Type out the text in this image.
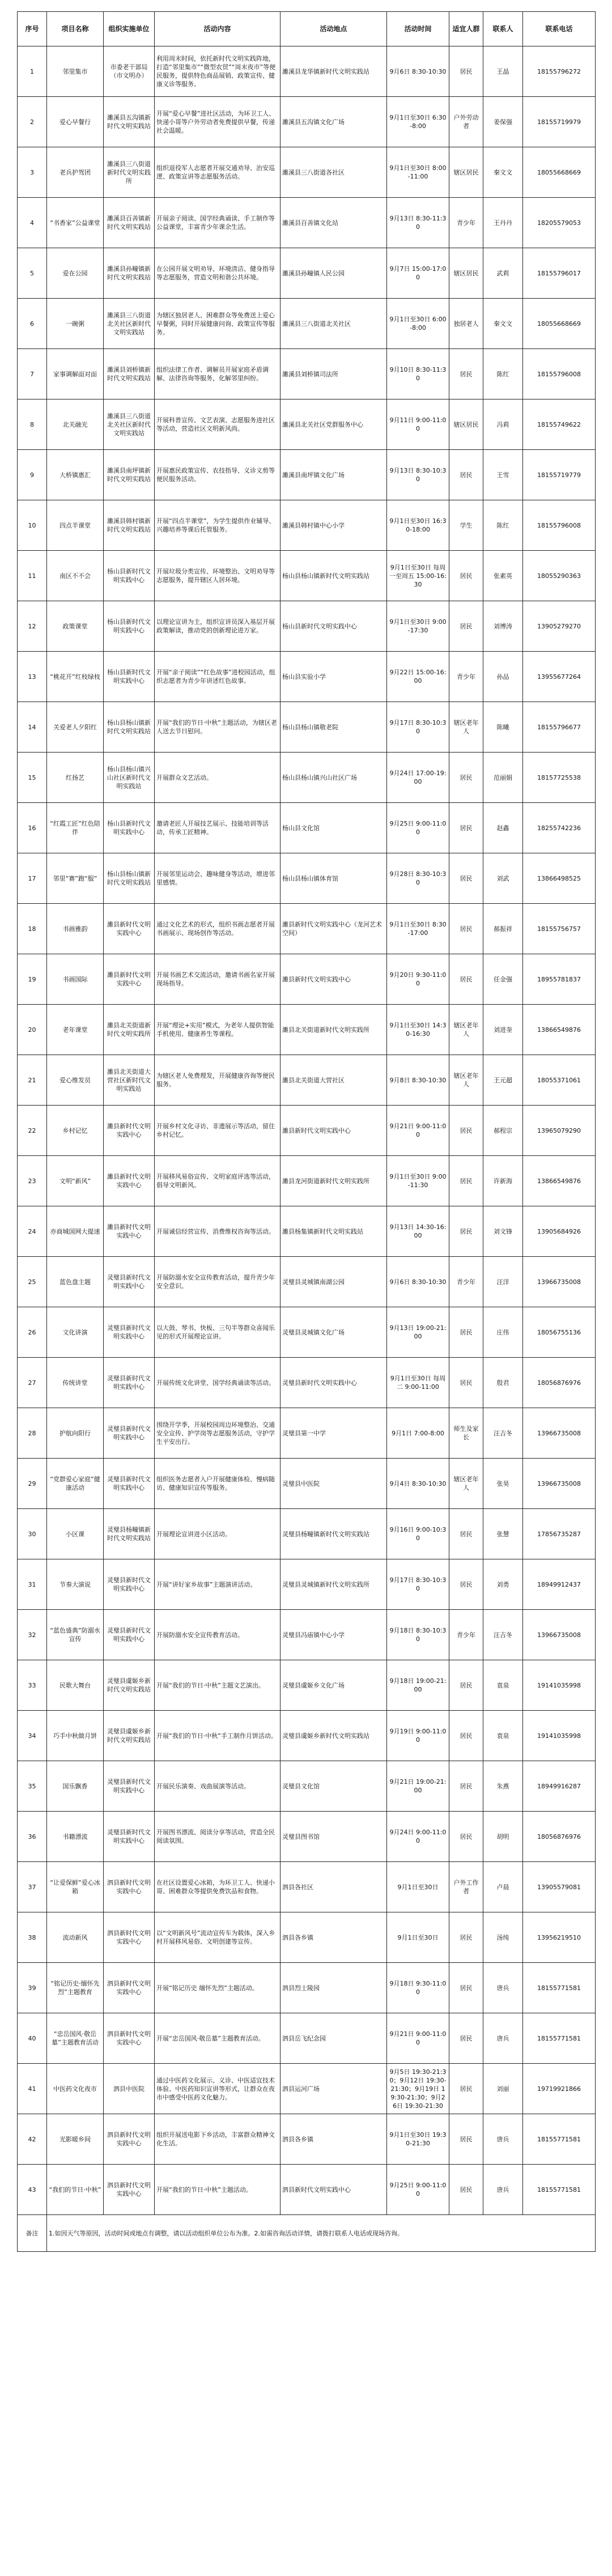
序号	项目名称	组织实施单位	活动内容	活动地点	活动时间	适宜人群	联系人	联系电话
1	邻里集市	市委老干部局（市文明办）	利用周末时间，依托新时代文明实践阵地，打造“邻里集市”“微型农贸”“周末夜市”等便民服务，提供特色商品展销、政策宣传、健康义诊等服务。	濉溪县龙华镇新时代文明实践站	9月6日 8:30-10:30	居民	王晶	18155796272
2	爱心早餐行	濉溪县五沟镇新时代文明实践站	开展“爱心早餐”进社区活动，为环卫工人、快递小哥等户外劳动者免费提供早餐，传递社会温暖。	濉溪县五沟镇文化广场	9月1日至30日 6:30-8:00	户外劳动者	姜保强	18155719979
3	老兵护驾团	濉溪县三八街道新时代文明实践所	组织退役军人志愿者开展交通劝导、治安巡逻、政策宣讲等志愿服务活动。	濉溪县三八街道各社区	9月1日至30日 8:00-11:00	辖区居民	秦文文	18055668669
4	“书香家”公益课堂	濉溪县百善镇新时代文明实践站	开展亲子阅读、国学经典诵读、手工制作等公益课堂，丰富青少年课余生活。	濉溪县百善镇文化站	9月13日 8:30-11:30	青少年	王丹丹	18205579053
5	爱在公园	濉溪县孙疃镇新时代文明实践站	在公园开展文明劝导、环境清洁、健身指导等志愿服务，营造文明和谐公共环境。	濉溪县孙疃镇人民公园	9月7日 15:00-17:00	辖区居民	武莉	18155796017
6	一碗粥	濉溪县三八街道北关社区新时代文明实践站	为辖区独居老人、困难群众等免费送上爱心早餐粥，同时开展健康问询、政策宣传等服务。	濉溪县三八街道北关社区	9月1日至30日 6:00-8:00	独居老人	秦文文	18055668669
7	家事调解面对面	濉溪县刘桥镇新时代文明实践站	组织法律工作者、调解员开展家庭矛盾调解、法律咨询等服务，化解邻里纠纷。	濉溪县刘桥镇司法所	9月10日 8:30-11:30	居民	陈红	18155796008
8	北关融光	濉溪县三八街道北关社区新时代文明实践站	开展科普宣传、文艺表演、志愿服务进社区等活动，营造社区文明新风尚。	濉溪县北关社区党群服务中心	9月11日 9:00-11:00	辖区居民	冯莉	18155749622
9	大桥镇惠汇	濉溪县南坪镇新时代文明实践站	开展惠民政策宣传、农技指导、义诊义剪等便民服务活动。	濉溪县南坪镇文化广场	9月13日 8:30-10:30	居民	王雪	18155719779
10	四点半课堂	濉溪县韩村镇新时代文明实践站	开展“四点半课堂”，为学生提供作业辅导、兴趣培养等课后托管服务。	濉溪县韩村镇中心小学	9月1日至30日 16:30-18:00	学生	陈红	18155796008
11	南区不不会	杨山县新时代文明实践中心	开展垃圾分类宣传、环境整治、文明劝导等志愿服务，提升辖区人居环境。	杨山县杨山镇新时代文明实践站	9月1日至30日 每周一至周五 15:00-16:30	居民	张素英	18055290363
12	政策课堂	杨山县新时代文明实践中心	以理论宣讲为主，组织宣讲员深入基层开展政策解读，推动党的创新理论进万家。	杨山县新时代文明实践中心	9月1日至30日 9:00-17:30	居民	刘博涛	13905279270
13	“桃花开”红枝绿枝	杨山县新时代文明实践中心	开展“亲子阅读”“红色故事”进校园活动，组织志愿者为青少年讲述红色故事。	杨山县实验小学	9月22日 15:00-16:00	青少年	孙品	13955677264
14	关爱老人夕阳红	杨山县杨山镇新时代文明实践站	开展“我们的节日·中秋”主题活动，为辖区老人送去节日慰问。	杨山县杨山镇敬老院	9月17日 8:30-10:30	辖区老年人	陈曦	18155796677
15	红扬艺	杨山县杨山镇兴山社区新时代文明实践站	开展群众文艺活动。	杨山县杨山镇兴山社区广场	9月24日 17:00-19:00	居民	范丽娟	18157725538
16	“红霞工匠”红色陪伴	杨山县新时代文明实践中心	邀请老匠人开展技艺展示、技能培训等活动，传承工匠精神。	杨山县文化馆	9月25日 9:00-11:00	居民	赵鑫	18255742236
17	邻里“赛”跑“服”	杨山县杨山镇新时代文明实践站	开展邻里运动会、趣味健身等活动，增进邻里感情。	杨山县杨山镇体育馆	9月28日 8:30-10:30	居民	刘武	13866498525
18	书画雅韵	濉县新时代文明实践中心	通过文化艺术的形式，组织书画志愿者开展书画展示、现场创作等活动。	濉县新时代文明实践中心（龙河艺术空间）	9月1日至30日 8:30-17:00	居民	郝振祥	18155756757
19	书画国际	濉县新时代文明实践中心	开展书画艺术交流活动，邀请书画名家开展现场指导。	濉县新时代文明实践中心	9月20日 9:30-11:00	居民	任金强	18955781837
20	老年课堂	濉县北关街道新时代文明实践所	开展“理论+实用”模式，为老年人提供智能手机使用、健康养生等课程。	濉县北关街道新时代文明实践所	9月1日至30日 14:30-16:30	辖区老年人	刘进奎	13866549876
21	爱心维发员	濉县北关街道大营社区新时代文明实践站	为辖区老人免费理发，开展健康咨询等便民服务。	濉县北关街道大营社区	9月8日 8:30-10:30	辖区老年人	王元超	18055371061
22	乡村记忆	濉县新时代文明实践中心	开展乡村文化寻访、非遗展示等活动，留住乡村记忆。	濉县新时代文明实践中心	9月21日 9:00-11:00	居民	郝程宗	13965079290
23	文明“新风”	濉县新时代文明实践中心	开展移风易俗宣传、文明家庭评选等活动，倡导文明新风。	濉县龙河街道新时代文明实践所	9月1日至30日 9:00-11:30	居民	许新海	13866549876
24	亦商城国网大提速	濉县新时代文明实践中心	开展诚信经营宣传、消费维权咨询等活动。	濉县杨集镇新时代文明实践站	9月13日 14:30-16:00	居民	刘文锋	13905684926
25	蓝色盘主题	灵璧县新时代文明实践中心	开展防溺水安全宣传教育活动，提升青少年安全意识。	灵璧县灵城镇南湖公园	9月6日 8:30-10:30	青少年	汪洋	13966735008
26	文化讲演	灵璧县新时代文明实践中心	以大鼓、琴书、快板、三句半等群众喜闻乐见的形式开展理论宣讲。	灵璧县灵城镇文化广场	9月13日 19:00-21:00	居民	庄伟	18056755136
27	传统讲堂	灵璧县新时代文明实践中心	开展传统文化讲堂、国学经典诵读等活动。	灵璧县新时代文明实践中心	9月1日至30日 每周二 9:00-11:00	居民	殷君	18056876976
28	护航向阳行	灵璧县新时代文明实践中心	围绕开学季，开展校园周边环境整治、交通安全宣传、护学岗等志愿服务活动，守护学生平安出行。	灵璧县第一中学	9月1日 7:00-8:00	师生及家长	汪吉冬	13966735008
29	“党群爱心家庭”健康活动	灵璧县新时代文明实践中心	组织医务志愿者入户开展健康体检、慢病随访、健康知识宣传等服务。	灵璧县中医院	9月4日 8:30-10:30	辖区老年人	张昊	13966735008
30	小区课	灵璧县杨疃镇新时代文明实践站	开展理论宣讲进小区活动。	灵璧县杨疃镇新时代文明实践站	9月16日 9:00-10:30	居民	张慧	17856735287
31	节奏大演说	灵璧县新时代文明实践中心	开展“讲好家乡故事”主题演讲活动。	灵璧县灵城镇新时代文明实践所	9月17日 8:30-10:30	居民	刘勇	18949912437
32	“蓝色盛典”防溺水宣传	灵璧县新时代文明实践中心	开展防溺水安全宣传教育活动。	灵璧县冯庙镇中心小学	9月18日 8:30-10:30	青少年	汪吉冬	13966735008
33	民歌大舞台	灵璧县虞姬乡新时代文明实践站	开展“我们的节日·中秋”主题文艺演出。	灵璧县虞姬乡文化广场	9月18日 19:00-21:00	居民	袁泉	19141035998
34	巧手中秋做月饼	灵璧县虞姬乡新时代文明实践站	开展“我们的节日·中秋”手工制作月饼活动。	灵璧县虞姬乡新时代文明实践站	9月19日 9:00-11:00	居民	袁泉	19141035998
35	国乐飘香	灵璧县新时代文明实践中心	开展民乐演奏、戏曲展演等活动。	灵璧县文化馆	9月21日 19:00-21:00	居民	朱燕	18949916287
36	书籍漂流	灵璧县新时代文明实践中心	开展图书漂流、阅读分享等活动，营造全民阅读氛围。	灵璧县图书馆	9月24日 9:00-11:00	居民	胡明	18056876976
37	“让爱保鲜”爱心冰箱	泗县新时代文明实践中心	在社区设置爱心冰箱，为环卫工人、快递小哥、困难群众等提供免费饮品和食物。	泗县各社区	9月1日至30日	户外工作者	卢晨	13905579081
38	流动新风	泗县新时代文明实践中心	以“文明新风号”流动宣传车为载体，深入乡村开展移风易俗、文明创建等宣传。	泗县各乡镇	9月1日至30日	居民	汤纯	13956219510
39	“铭记历史·缅怀先烈”主题教育	泗县新时代文明实践中心	开展“铭记历史 缅怀先烈”主题活动。	泗县烈士陵园	9月18日 9:30-11:00	居民	唐兵	18155771581
40	“忠岳国风·敬岳墓”主题教育活动	泗县新时代文明实践中心	开展“忠岳国风·敬岳墓”主题教育活动。	泗县岳飞纪念园	9月21日 9:00-11:00	居民	唐兵	18155771581
41	中医药文化夜市	泗县中医院	通过中医药文化展示、义诊、中医适宜技术体验、中医药知识宣讲等形式，让群众在夜市中感受中医药文化魅力。	泗县运河广场	9月5日 19:30-21:30；9月12日 19:30-21:30；9月19日 19:30-21:30；9月26日 19:30-21:30	居民	刘丽	19719921866
42	光影暖乡间	泗县新时代文明实践中心	组织开展送电影下乡活动，丰富群众精神文化生活。	泗县各乡镇	9月1日至30日 19:30-21:30	居民	唐兵	18155771581
43	“我们的节日·中秋”	泗县新时代文明实践中心	开展“我们的节日·中秋”主题活动。	泗县新时代文明实践中心	9月25日 9:00-11:00	居民	唐兵	18155771581
备注	1.如因天气等原因，活动时间或地点有调整，请以活动组织单位公布为准。2.如需咨询活动详情，请拨打联系人电话或现场咨询。							
